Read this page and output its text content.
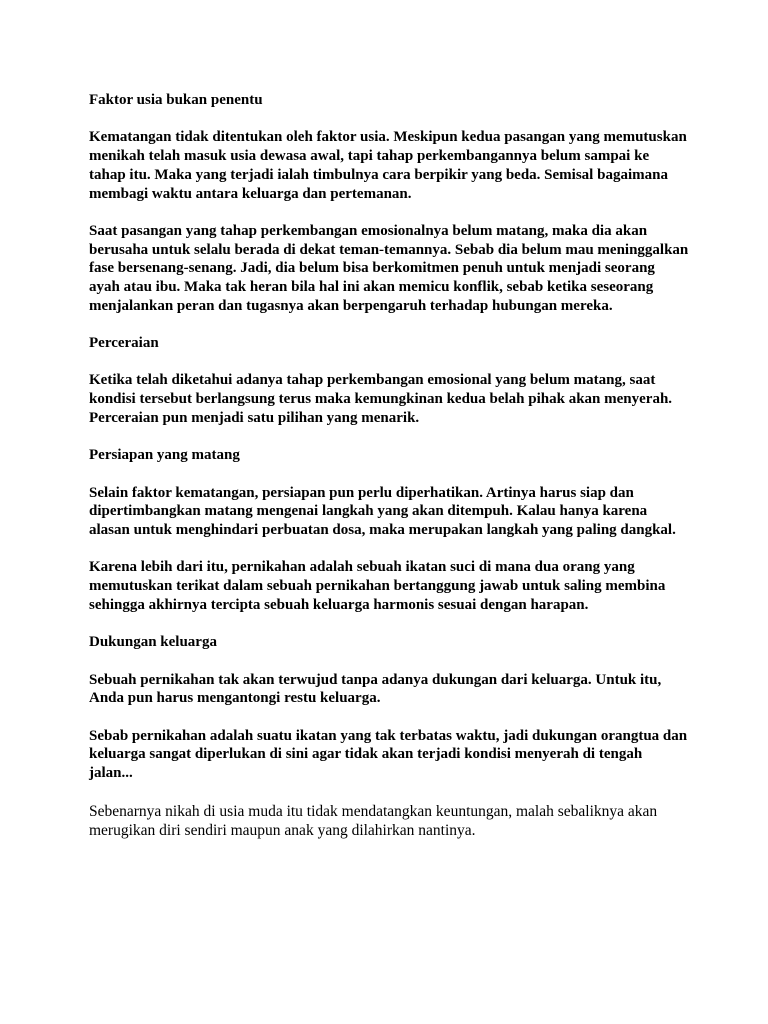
Faktor usia bukan penentu
Kematangan tidak ditentukan oleh faktor usia. Meskipun kedua pasangan yang memutuskan menikah telah masuk usia dewasa awal, tapi tahap perkembangannya belum sampai ke tahap itu. Maka yang terjadi ialah timbulnya cara berpikir yang beda. Semisal bagaimana membagi waktu antara keluarga dan pertemanan.
Saat pasangan yang tahap perkembangan emosionalnya belum matang, maka dia akan berusaha untuk selalu berada di dekat teman-temannya. Sebab dia belum mau meninggalkan fase bersenang-senang. Jadi, dia belum bisa berkomitmen penuh untuk menjadi seorang ayah atau ibu. Maka tak heran bila hal ini akan memicu konflik, sebab ketika seseorang menjalankan peran dan tugasnya akan berpengaruh terhadap hubungan mereka.
Perceraian
Ketika telah diketahui adanya tahap perkembangan emosional yang belum matang, saat kondisi tersebut berlangsung terus maka kemungkinan kedua belah pihak akan menyerah. Perceraian pun menjadi satu pilihan yang menarik.
Persiapan yang matang
Selain faktor kematangan, persiapan pun perlu diperhatikan. Artinya harus siap dan dipertimbangkan matang mengenai langkah yang akan ditempuh. Kalau hanya karena alasan untuk menghindari perbuatan dosa, maka merupakan langkah yang paling dangkal.
Karena lebih dari itu, pernikahan adalah sebuah ikatan suci di mana dua orang yang memutuskan terikat dalam sebuah pernikahan bertanggung jawab untuk saling membina sehingga akhirnya tercipta sebuah keluarga harmonis sesuai dengan harapan.
Dukungan keluarga
Sebuah pernikahan tak akan terwujud tanpa adanya dukungan dari keluarga. Untuk itu, Anda pun harus mengantongi restu keluarga.
Sebab pernikahan adalah suatu ikatan yang tak terbatas waktu, jadi dukungan orangtua dan keluarga sangat diperlukan di sini agar tidak akan terjadi kondisi menyerah di tengah jalan...
Sebenarnya nikah di usia muda itu tidak mendatangkan keuntungan, malah sebaliknya akan merugikan diri sendiri maupun anak yang dilahirkan nantinya.
